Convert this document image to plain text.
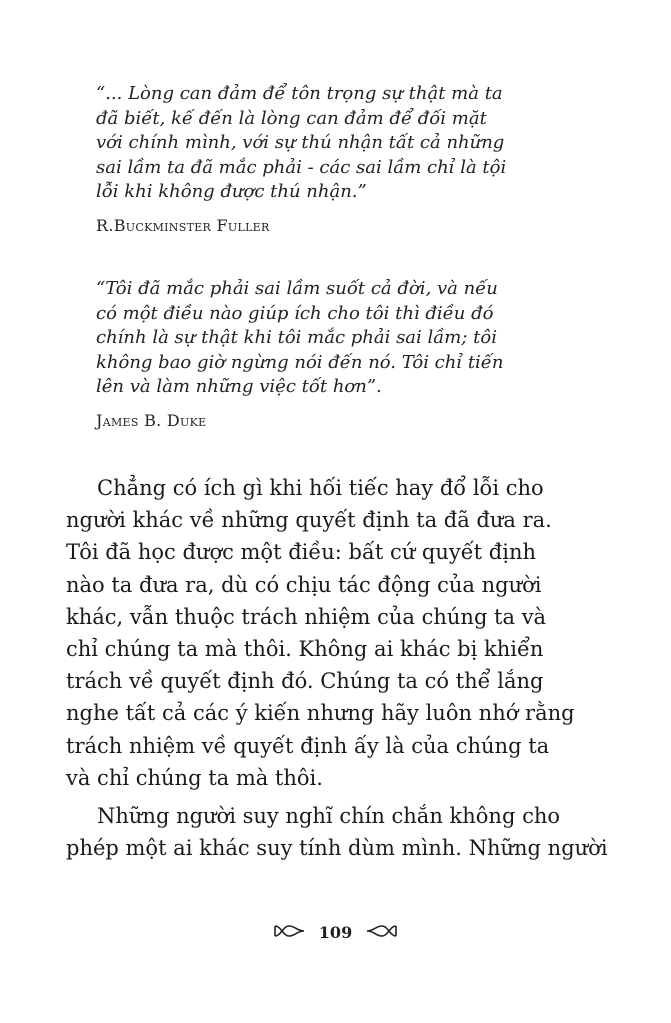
“... Lòng can đảm để tôn trọng sự thật mà ta
đã biết, kế đến là lòng can đảm để đối mặt
với chính mình, với sự thú nhận tất cả những
sai lầm ta đã mắc phải - các sai lầm chỉ là tội
lỗi khi không được thú nhận.”
R.Buckminster Fuller
“Tôi đã mắc phải sai lầm suốt cả đời, và nếu
có một điều nào giúp ích cho tôi thì điều đó
chính là sự thật khi tôi mắc phải sai lầm; tôi
không bao giờ ngừng nói đến nó. Tôi chỉ tiến
lên và làm những việc tốt hơn”.
James B. Duke
Chẳng có ích gì khi hối tiếc hay đổ lỗi cho
người khác về những quyết định ta đã đưa ra.
Tôi đã học được một điều: bất cứ quyết định
nào ta đưa ra, dù có chịu tác động của người
khác, vẫn thuộc trách nhiệm của chúng ta và
chỉ chúng ta mà thôi. Không ai khác bị khiển
trách về quyết định đó. Chúng ta có thể lắng
nghe tất cả các ý kiến nhưng hãy luôn nhớ rằng
trách nhiệm về quyết định ấy là của chúng ta
và chỉ chúng ta mà thôi.
Những người suy nghĩ chín chắn không cho
phép một ai khác suy tính dùm mình. Những người
109
